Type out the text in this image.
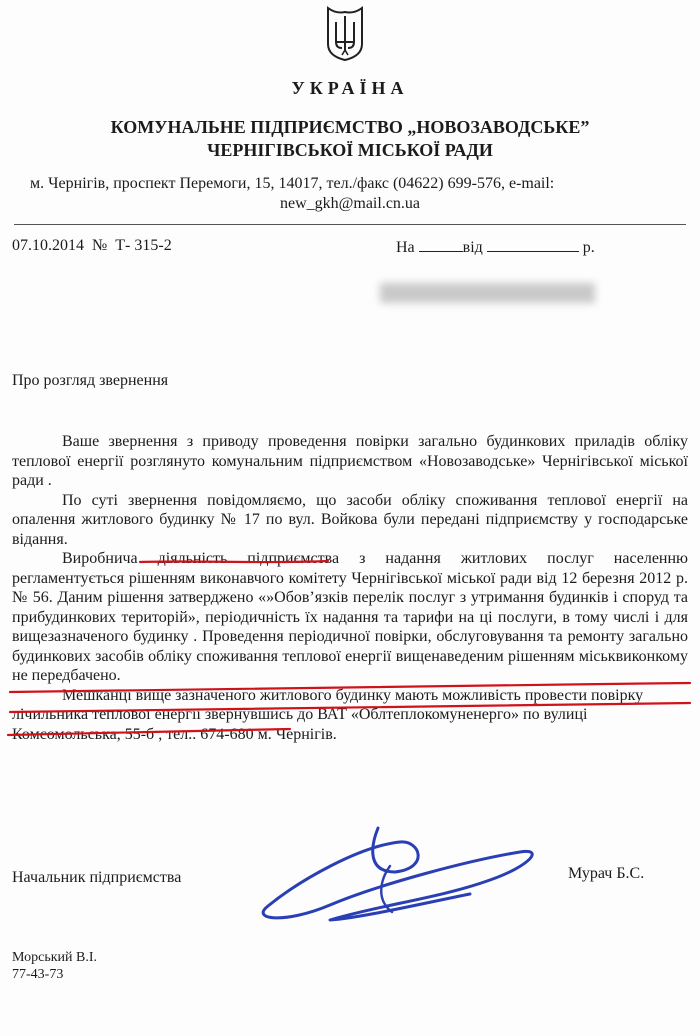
УКРАЇНА
КОМУНАЛЬНЕ ПІДПРИЄМСТВО „НОВОЗАВОДСЬКЕ”
ЧЕРНІГІВСЬКОЇ МІСЬКОЇ РАДИ
м. Чернігів, проспект Перемоги, 15, 14017, тел./факс (04622) 699-576, e-mail:
new_gkh@mail.cn.ua
07.10.2014 № Т- 315-2	На	від	р.
Про розгляд звернення

Ваше звернення з приводу проведення повірки загально будинкових приладів обліку теплової енергії розглянуто комунальним підприємством «Новозаводське» Чернігівської міської ради .

По суті звернення повідомляємо, що засоби обліку споживання теплової енергії на опалення житлового будинку № 17 по вул. Войкова були передані підприємству у господарське відання.

Виробнича діяльність підприємства з надання житлових послуг населенню регламентується рішенням виконавчого комітету Чернігівської міської ради від 12 березня 2012 р. № 56. Даним рішення затверджено «»Обов’язків перелік послуг з утримання будинків і споруд та прибудинкових територій», періодичність їх надання та тарифи на ці послуги, в тому числі і для вищезазначеного будинку . Проведення періодичної повірки, обслуговування та ремонту загально будинкових засобів обліку споживання теплової енергії вищенаведеним рішенням міськвиконкому не передбачено.

Мешканці вище зазначеного житлового будинку мають можливість провести повірку лічильника теплової енергії звернувшись до ВАТ «Облтеплокомуненерго» по вулиці Комсомольська, 55-б , тел.. 674-680 м. Чернігів.

Начальник підприємства	Мурач Б.С.
Морський В.І.
77-43-73
